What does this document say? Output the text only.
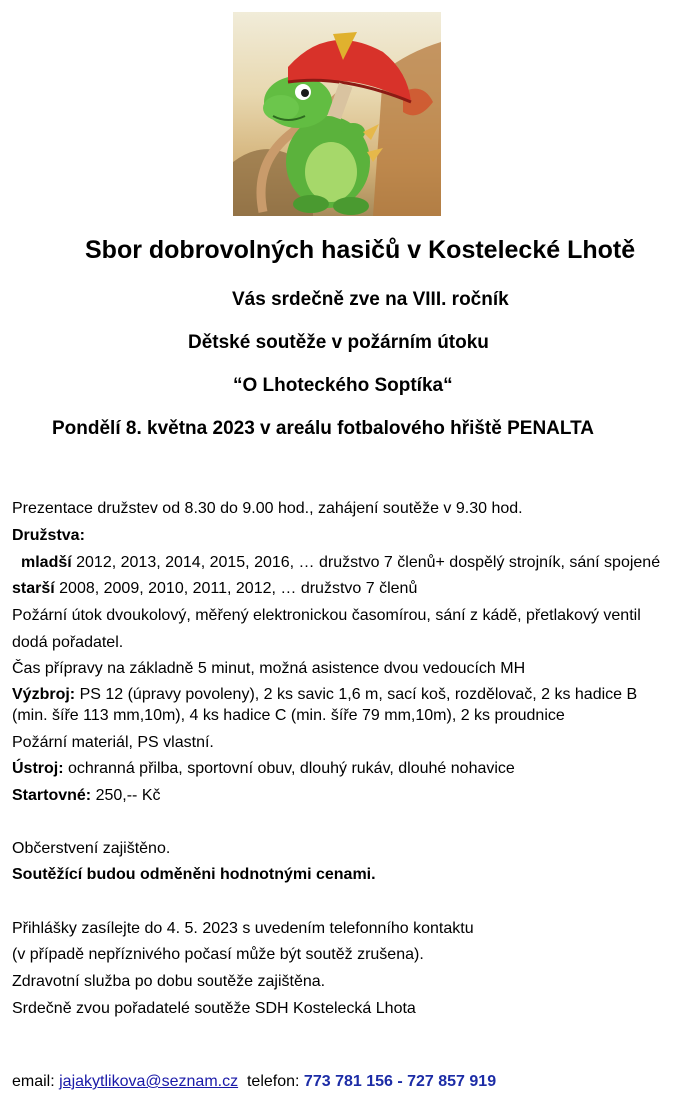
Sbor dobrovolných hasičů v Kostelecké Lhotě
Vás srdečně zve na VIII. ročník
Dětské soutěže v požárním útoku
“O Lhoteckého Soptíka“
Pondělí 8. května 2023 v areálu fotbalového hřiště PENALTA
Prezentace družstev od 8.30 do 9.00 hod., zahájení soutěže v 9.30 hod.
Družstva:
mladší 2012, 2013, 2014, 2015, 2016, … družstvo 7 členů+ dospělý strojník, sání spojené
starší 2008, 2009, 2010, 2011, 2012, … družstvo 7 členů
Požární útok dvoukolový, měřený elektronickou časomírou, sání z kádě, přetlakový ventil
dodá pořadatel.
Čas přípravy na základně 5 minut, možná asistence dvou vedoucích MH
Výzbroj: PS 12 (úpravy povoleny), 2 ks savic 1,6 m, sací koš, rozdělovač, 2 ks hadice B
(min. šíře 113 mm,10m), 4 ks hadice C (min. šíře 79 mm,10m), 2 ks proudnice
Požární materiál, PS vlastní.
Ústroj: ochranná přilba, sportovní obuv, dlouhý rukáv, dlouhé nohavice
Startovné: 250,-- Kč
Občerstvení zajištěno.
Soutěžící budou odměněni hodnotnými cenami.
Přihlášky zasílejte do 4. 5. 2023 s uvedením telefonního kontaktu
(v případě nepříznivého počasí může být soutěž zrušena).
Zdravotní služba po dobu soutěže zajištěna.
Srdečně zvou pořadatelé soutěže SDH Kostelecká Lhota
email: jajakytlikova@seznam.cz  telefon: 773 781 156 - 727 857 919
